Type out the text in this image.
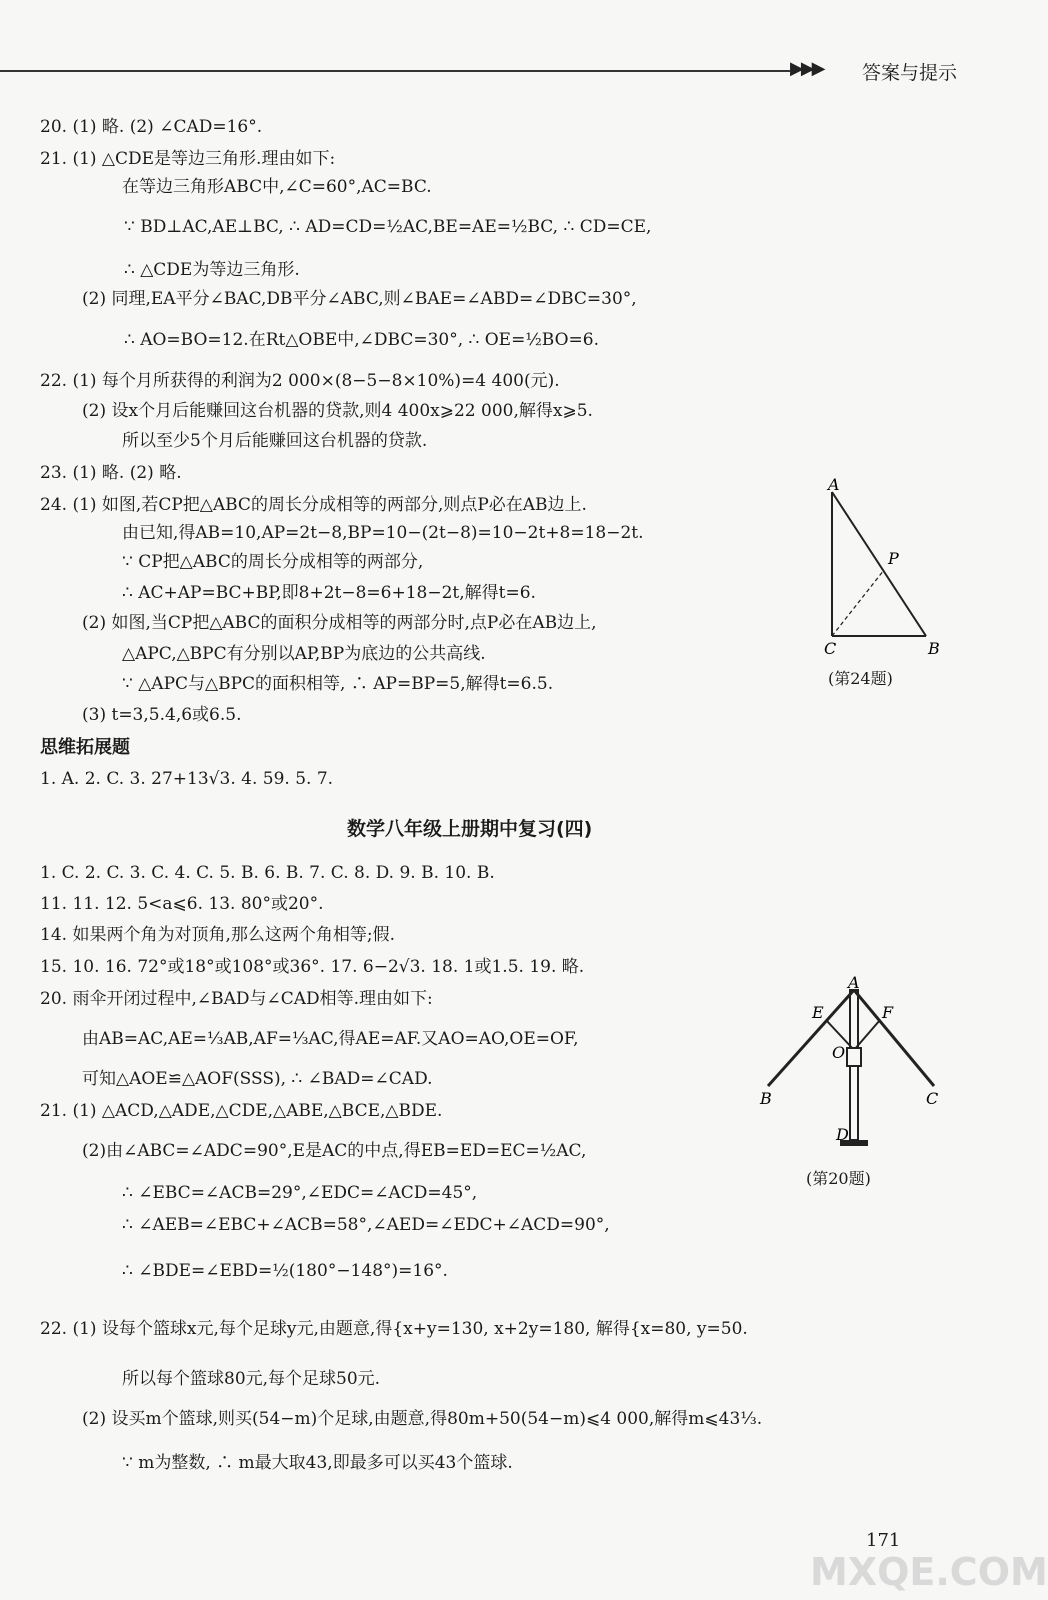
▶▶▶ 答案与提示
20. (1) 略. (2) ∠CAD=16°.
21. (1) △CDE是等边三角形.理由如下:
在等边三角形ABC中,∠C=60°,AC=BC.
∵ BD⊥AC,AE⊥BC, ∴ AD=CD=½AC,BE=AE=½BC, ∴ CD=CE,
∴ △CDE为等边三角形.
(2) 同理,EA平分∠BAC,DB平分∠ABC,则∠BAE=∠ABD=∠DBC=30°,
∴ AO=BO=12.在Rt△OBE中,∠DBC=30°, ∴ OE=½BO=6.
22. (1) 每个月所获得的利润为2 000×(8−5−8×10%)=4 400(元).
(2) 设x个月后能赚回这台机器的贷款,则4 400x⩾22 000,解得x⩾5.
所以至少5个月后能赚回这台机器的贷款.
23. (1) 略. (2) 略.
24. (1) 如图,若CP把△ABC的周长分成相等的两部分,则点P必在AB边上.
由已知,得AB=10,AP=2t−8,BP=10−(2t−8)=10−2t+8=18−2t.
∵ CP把△ABC的周长分成相等的两部分,
∴ AC+AP=BC+BP,即8+2t−8=6+18−2t,解得t=6.
(2) 如图,当CP把△ABC的面积分成相等的两部分时,点P必在AB边上,
△APC,△BPC有分别以AP,BP为底边的公共高线.
∵ △APC与△BPC的面积相等, ∴ AP=BP=5,解得t=6.5.
(3) t=3,5.4,6或6.5.
思维拓展题
1. A. 2. C. 3. 27+13√3. 4. 59. 5. 7.
数学八年级上册期中复习(四)
1. C. 2. C. 3. C. 4. C. 5. B. 6. B. 7. C. 8. D. 9. B. 10. B.
11. 11. 12. 5<a⩽6. 13. 80°或20°.
14. 如果两个角为对顶角,那么这两个角相等;假.
15. 10. 16. 72°或18°或108°或36°. 17. 6−2√3. 18. 1或1.5. 19. 略.
20. 雨伞开闭过程中,∠BAD与∠CAD相等.理由如下:
由AB=AC,AE=⅓AB,AF=⅓AC,得AE=AF.又AO=AO,OE=OF,
可知△AOE≌△AOF(SSS), ∴ ∠BAD=∠CAD.
21. (1) △ACD,△ADE,△CDE,△ABE,△BCE,△BDE.
(2)由∠ABC=∠ADC=90°,E是AC的中点,得EB=ED=EC=½AC,
∴ ∠EBC=∠ACB=29°,∠EDC=∠ACD=45°,
∴ ∠AEB=∠EBC+∠ACB=58°,∠AED=∠EDC+∠ACD=90°,
∴ ∠BDE=∠EBD=½(180°−148°)=16°.
22. (1) 设每个篮球x元,每个足球y元,由题意,得{x+y=130, x+2y=180, 解得{x=80, y=50.
所以每个篮球80元,每个足球50元.
(2) 设买m个篮球,则买(54−m)个足球,由题意,得80m+50(54−m)⩽4 000,解得m⩽43⅓.
∵ m为整数, ∴ m最大取43,即最多可以买43个篮球.
A
P
C	B
(第24题)
A
E	F
O
B	C
D
(第20题)
171
MXQE.COM
